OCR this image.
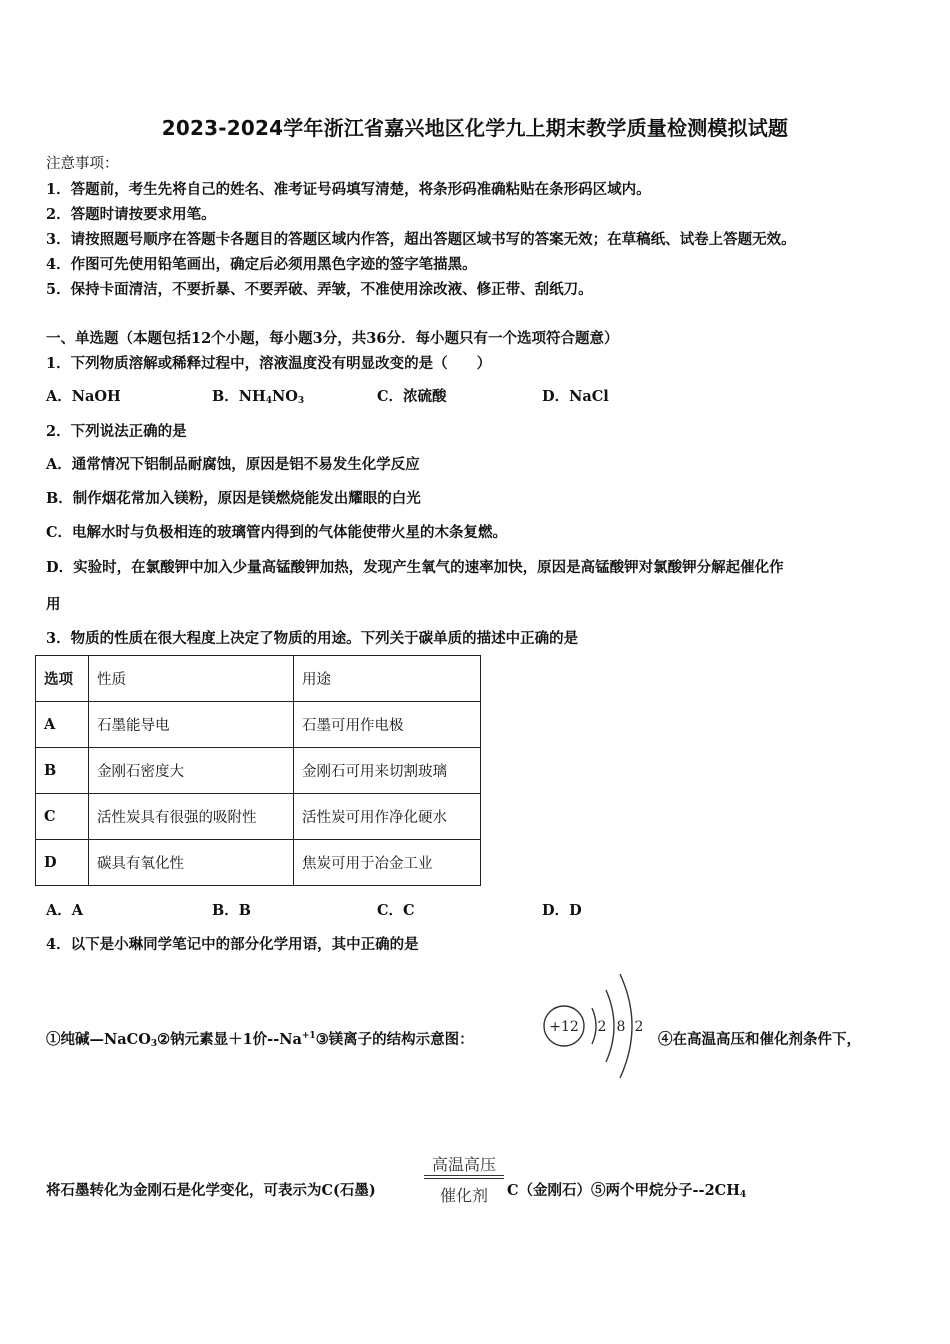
2023-2024学年浙江省嘉兴地区化学九上期末教学质量检测模拟试题
注意事项：
1．答题前，考生先将自己的姓名、准考证号码填写清楚，将条形码准确粘贴在条形码区域内。
2．答题时请按要求用笔。
3．请按照题号顺序在答题卡各题目的答题区域内作答，超出答题区域书写的答案无效；在草稿纸、试卷上答题无效。
4．作图可先使用铅笔画出，确定后必须用黑色字迹的签字笔描黑。
5．保持卡面清洁，不要折暴、不要弄破、弄皱，不准使用涂改液、修正带、刮纸刀。
一、单选题（本题包括12个小题，每小题3分，共36分．每小题只有一个选项符合题意）
1．下列物质溶解或稀释过程中，溶液温度没有明显改变的是（　　）
A．NaOH	B．$NH_4NO_3$	C．浓硫酸	D．NaCl
2．下列说法正确的是
A．通常情况下铝制品耐腐蚀，原因是铝不易发生化学反应
B．制作烟花常加入镁粉，原因是镁燃烧能发出耀眼的白光
C．电解水时与负极相连的玻璃管内得到的气体能使带火星的木条复燃。
D．实验时，在氯酸钾中加入少量高锰酸钾加热，发现产生氧气的速率加快，原因是高锰酸钾对氯酸钾分解起催化作
用
3．物质的性质在很大程度上决定了物质的用途。下列关于碳单质的描述中正确的是
选项	性质	用途
A	石墨能导电	石墨可用作电极
B	金刚石密度大	金刚石可用来切割玻璃
C	活性炭具有很强的吸附性	活性炭可用作净化硬水
D	碳具有氧化性	焦炭可用于冶金工业
A．A	B．B	C．C	D．D
4．以下是小琳同学笔记中的部分化学用语，其中正确的是
①纯碱—NaCO$_3$②钠元素显＋1价$--Na^{+1}③$镁离子的结构示意图：
+12 2 8 2
④在高温高压和催化剂条件下，
将石墨转化为金刚石是化学变化，可表示为C(石墨)
高温高压
催化剂	C（金刚石）⑤两个甲烷分子$--2CH_4$
